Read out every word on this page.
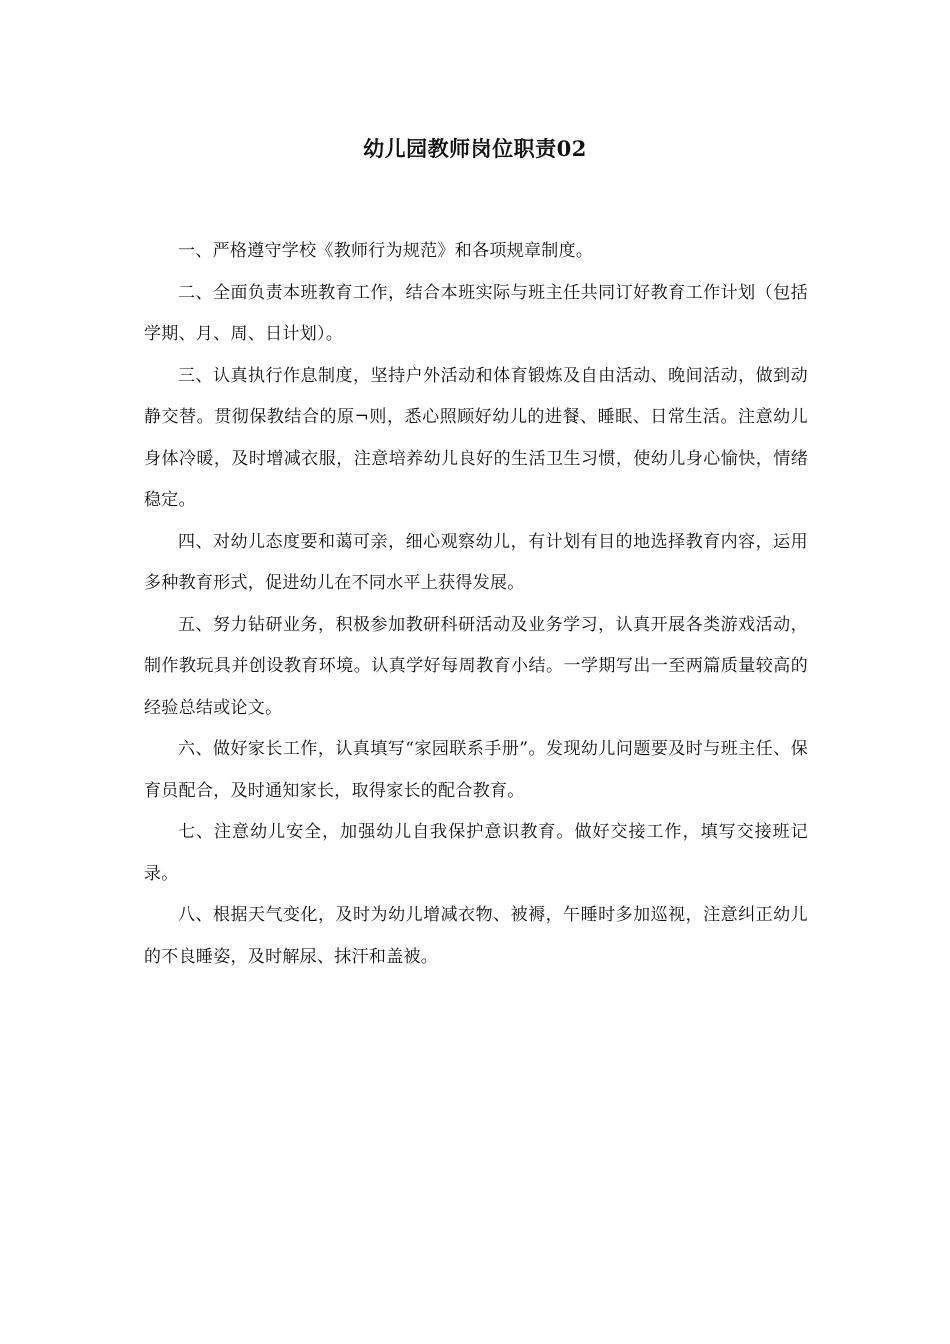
幼儿园教师岗位职责02

一、严格遵守学校《教师行为规范》和各项规章制度。

二、全面负责本班教育工作，结合本班实际与班主任共同订好教育工作计划（包括学期、月、周、日计划）。

三、认真执行作息制度，坚持户外活动和体育锻炼及自由活动、晚间活动，做到动静交替。贯彻保教结合的原¬则，悉心照顾好幼儿的进餐、睡眠、日常生活。注意幼儿身体冷暖，及时增减衣服，注意培养幼儿良好的生活卫生习惯，使幼儿身心愉快，情绪稳定。

四、对幼儿态度要和蔼可亲，细心观察幼儿，有计划有目的地选择教育内容，运用多种教育形式，促进幼儿在不同水平上获得发展。

五、努力钻研业务，积极参加教研科研活动及业务学习，认真开展各类游戏活动，制作教玩具并创设教育环境。认真学好每周教育小结。一学期写出一至两篇质量较高的经验总结或论文。

六、做好家长工作，认真填写“家园联系手册”。发现幼儿问题要及时与班主任、保育员配合，及时通知家长，取得家长的配合教育。

七、注意幼儿安全，加强幼儿自我保护意识教育。做好交接工作，填写交接班记录。

八、根据天气变化，及时为幼儿增减衣物、被褥，午睡时多加巡视，注意纠正幼儿的不良睡姿，及时解尿、抹汗和盖被。
